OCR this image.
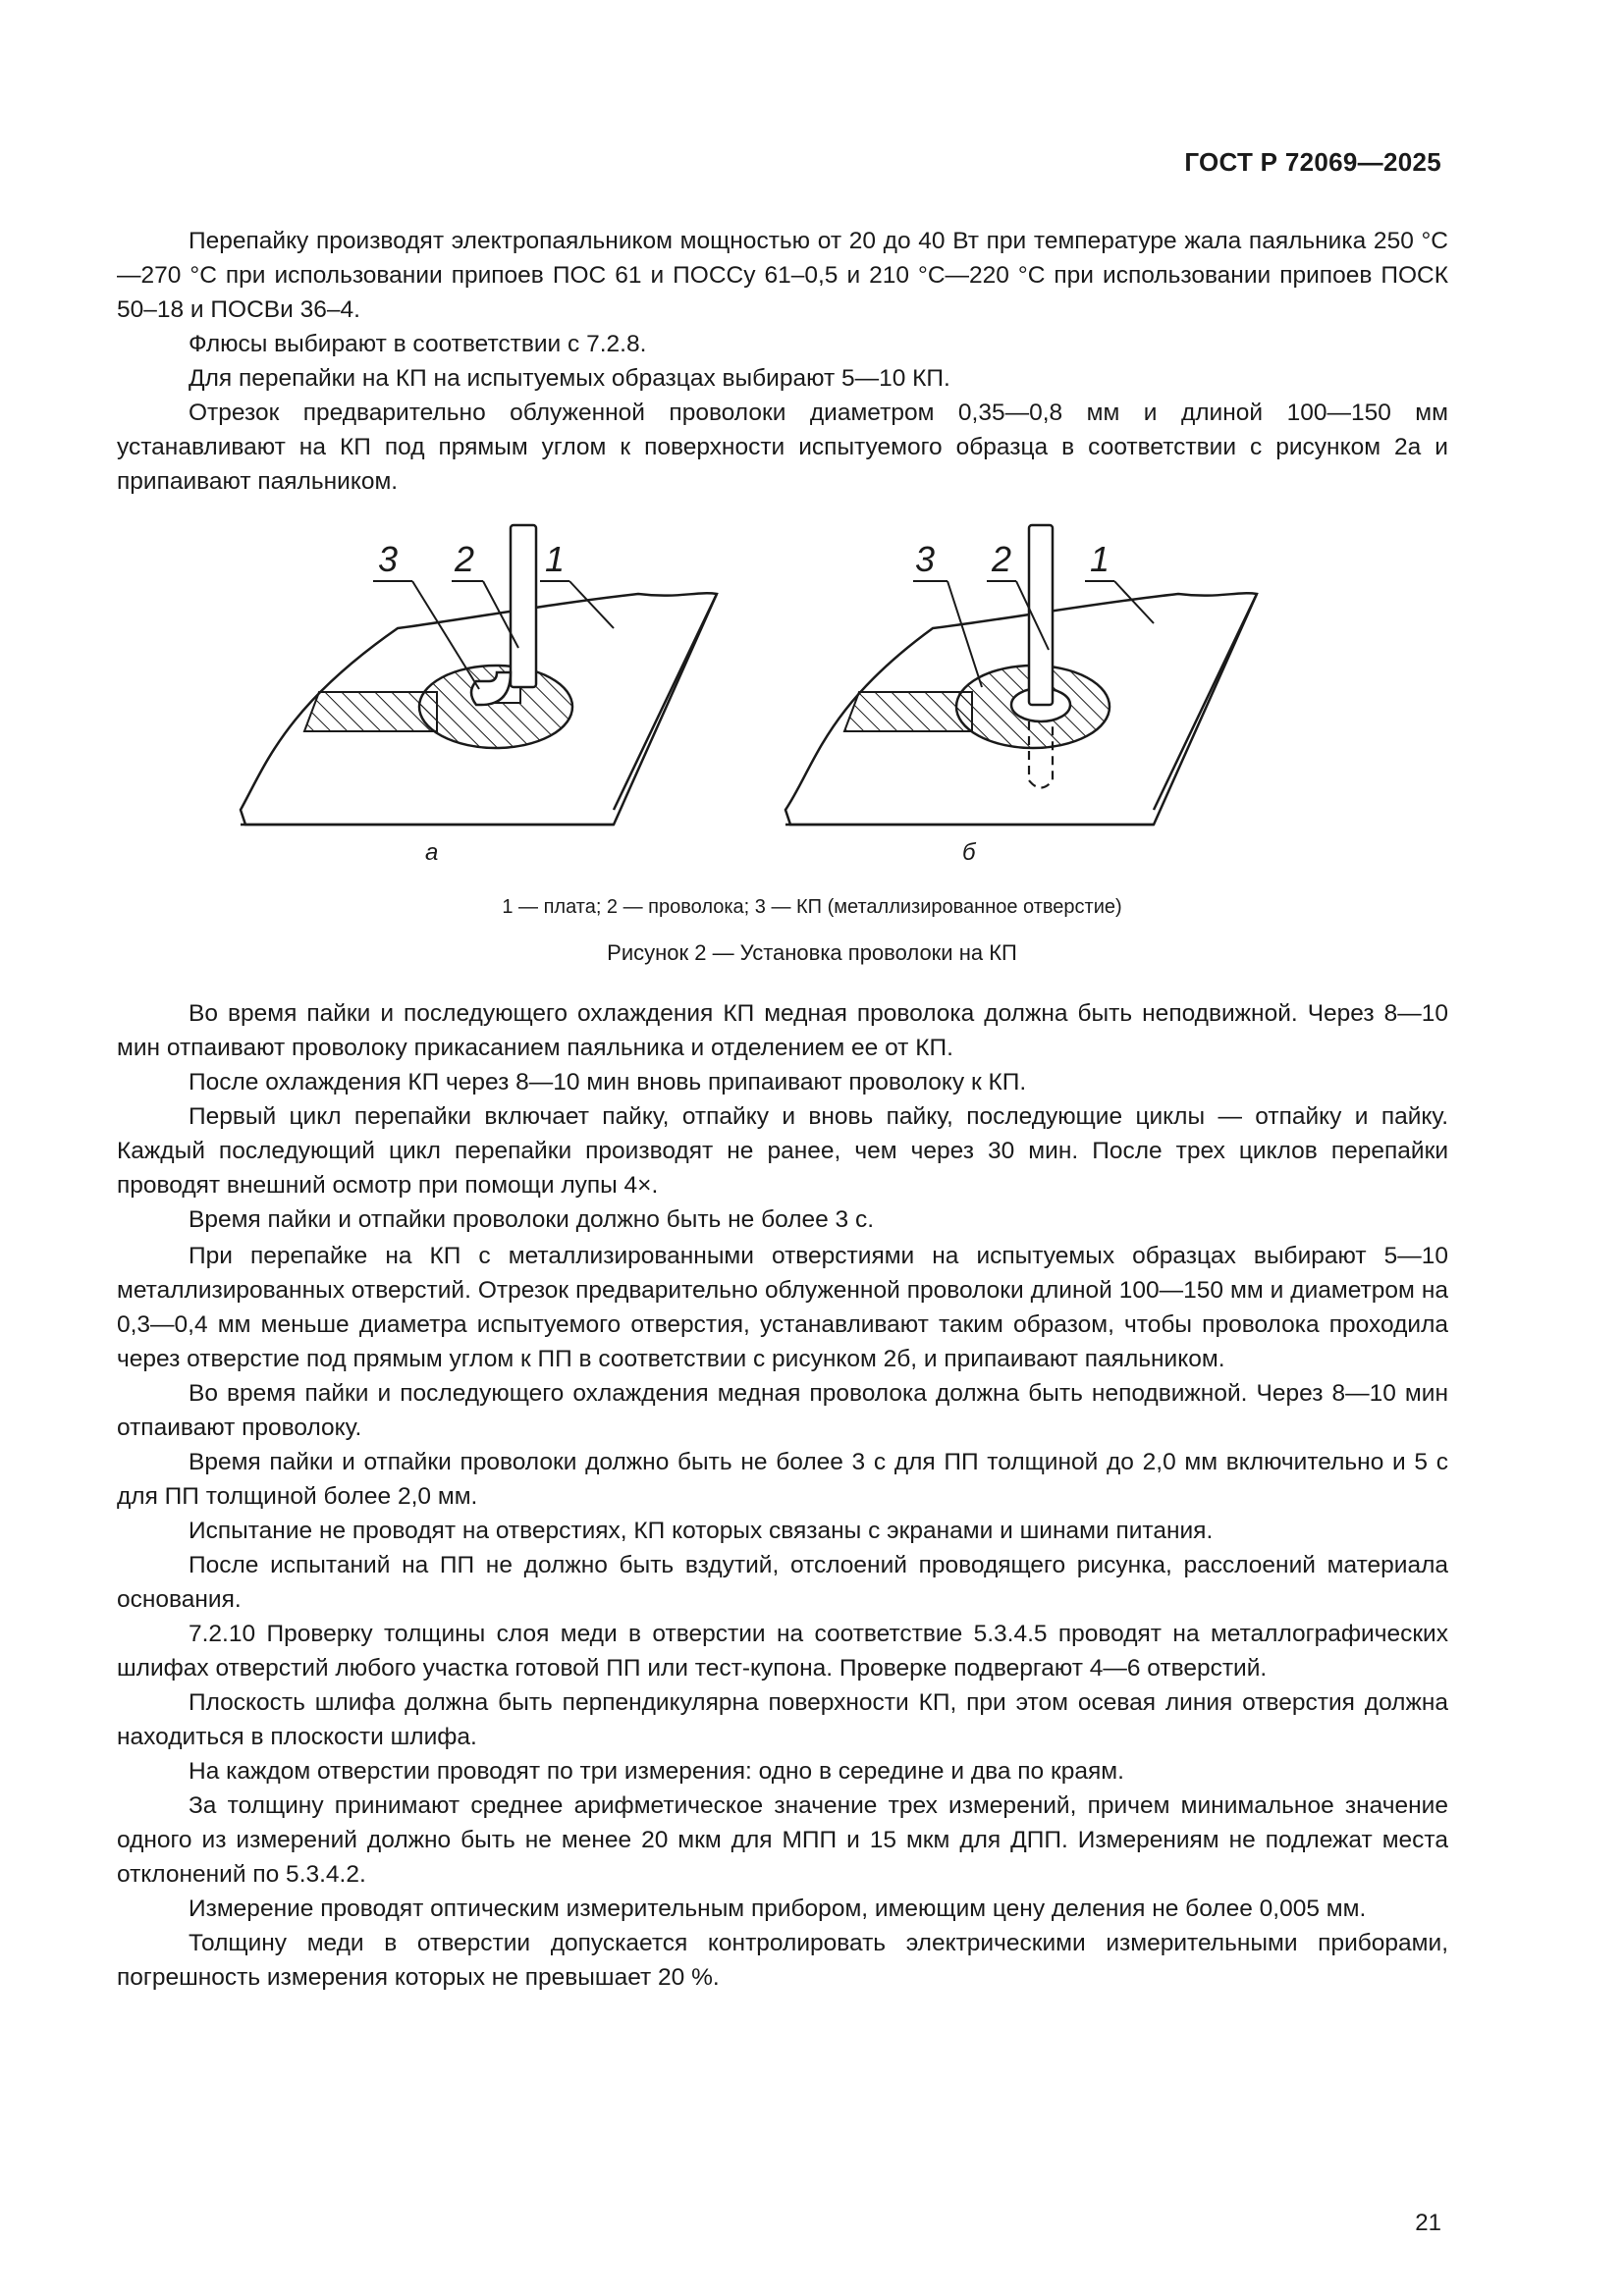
ГОСТ Р 72069—2025

Перепайку производят электропаяльником мощностью от 20 до 40 Вт при температуре жала паяльника 250 °С—270 °С при использовании припоев ПОС 61 и ПОССу 61–0,5 и 210 °С—220 °С при использовании припоев ПОСК 50–18 и ПОСВи 36–4.

Флюсы выбирают в соответствии с 7.2.8.

Для перепайки на КП на испытуемых образцах выбирают 5—10 КП.

Отрезок предварительно облуженной проволоки диаметром 0,35—0,8 мм и длиной 100—150 мм устанавливают на КП под прямым углом к поверхности испытуемого образца в соответствии с рисунком 2а и припаивают паяльником.

3 2 1	3 2 1
а	б
1 — плата; 2 — проволока; 3 — КП (металлизированное отверстие)
Рисунок 2 — Установка проволоки на КП

Во время пайки и последующего охлаждения КП медная проволока должна быть неподвижной. Через 8—10 мин отпаивают проволоку прикасанием паяльника и отделением ее от КП.

После охлаждения КП через 8—10 мин вновь припаивают проволоку к КП.

Первый цикл перепайки включает пайку, отпайку и вновь пайку, последующие циклы — отпайку и пайку. Каждый последующий цикл перепайки производят не ранее, чем через 30 мин. После трех циклов перепайки проводят внешний осмотр при помощи лупы 4×.

Время пайки и отпайки проволоки должно быть не более 3 с.

При перепайке на КП с металлизированными отверстиями на испытуемых образцах выбирают 5—10 металлизированных отверстий. Отрезок предварительно облуженной проволоки длиной 100—150 мм и диаметром на 0,3—0,4 мм меньше диаметра испытуемого отверстия, устанавливают таким образом, чтобы проволока проходила через отверстие под прямым углом к ПП в соответствии с рисунком 2б, и припаивают паяльником.

Во время пайки и последующего охлаждения медная проволока должна быть неподвижной. Через 8—10 мин отпаивают проволоку.

Время пайки и отпайки проволоки должно быть не более 3 с для ПП толщиной до 2,0 мм включительно и 5 с для ПП толщиной более 2,0 мм.

Испытание не проводят на отверстиях, КП которых связаны с экранами и шинами питания.

После испытаний на ПП не должно быть вздутий, отслоений проводящего рисунка, расслоений материала основания.

7.2.10 Проверку толщины слоя меди в отверстии на соответствие 5.3.4.5 проводят на металлографических шлифах отверстий любого участка готовой ПП или тест-купона. Проверке подвергают 4—6 отверстий.

Плоскость шлифа должна быть перпендикулярна поверхности КП, при этом осевая линия отверстия должна находиться в плоскости шлифа.

На каждом отверстии проводят по три измерения: одно в середине и два по краям.

За толщину принимают среднее арифметическое значение трех измерений, причем минимальное значение одного из измерений должно быть не менее 20 мкм для МПП и 15 мкм для ДПП. Измерениям не подлежат места отклонений по 5.3.4.2.

Измерение проводят оптическим измерительным прибором, имеющим цену деления не более 0,005 мм.

Толщину меди в отверстии допускается контролировать электрическими измерительными приборами, погрешность измерения которых не превышает 20 %.

21
